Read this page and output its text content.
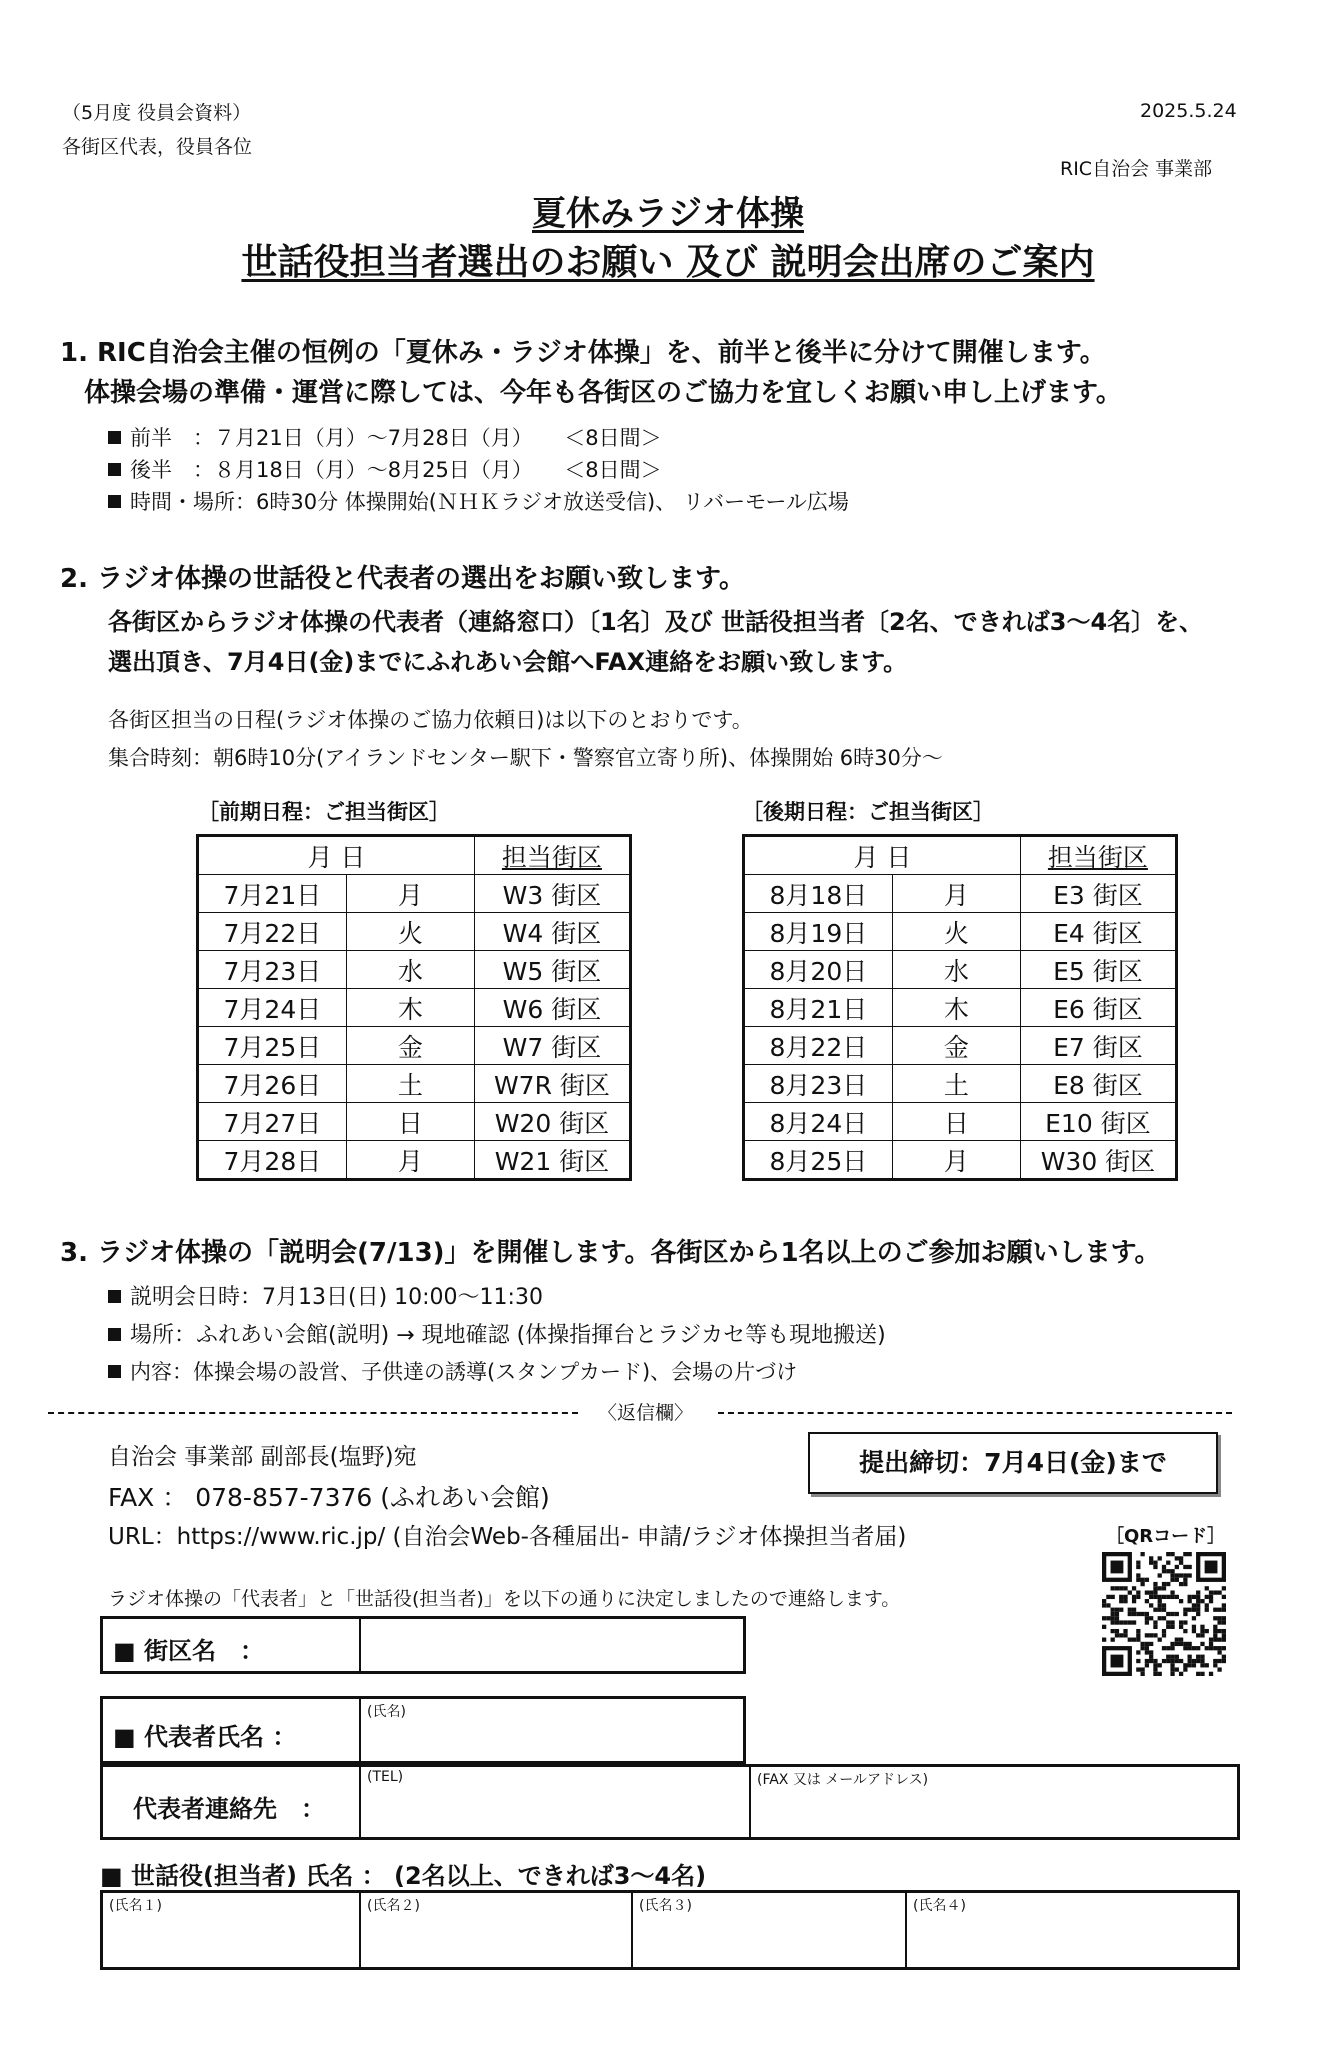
（5月度 役員会資料）
各街区代表，役員各位
2025.5.24
RIC自治会 事業部
夏休みラジオ体操
世話役担当者選出のお願い 及び 説明会出席のご案内
1. RIC自治会主催の恒例の「夏休み・ラジオ体操」を、前半と後半に分けて開催します。
体操会場の準備・運営に際しては、今年も各街区のご協力を宜しくお願い申し上げます。
前半　：７月21日（月）～7月28日（月）　　＜8日間＞
後半　：８月18日（月）～8月25日（月）　　＜8日間＞
時間・場所：6時30分 体操開始(ＮＨＫラジオ放送受信)、 リバーモール広場
2. ラジオ体操の世話役と代表者の選出をお願い致します。
各街区からラジオ体操の代表者（連絡窓口）〔1名〕及び 世話役担当者〔2名、できれば3～4名〕を、
選出頂き、7月4日(金)までにふれあい会館へFAX連絡をお願い致します。
各街区担当の日程(ラジオ体操のご協力依頼日)は以下のとおりです。
集合時刻：朝6時10分(アイランドセンター駅下・警察官立寄り所)、体操開始 6時30分～
［前期日程：ご担当街区］
月 日		担当街区
7月21日	月	W3 街区
7月22日	火	W4 街区
7月23日	水	W5 街区
7月24日	木	W6 街区
7月25日	金	W7 街区
7月26日	土	W7R 街区
7月27日	日	W20 街区
7月28日	月	W21 街区
［後期日程：ご担当街区］
月 日		担当街区
8月18日	月	E3 街区
8月19日	火	E4 街区
8月20日	水	E5 街区
8月21日	木	E6 街区
8月22日	金	E7 街区
8月23日	土	E8 街区
8月24日	日	E10 街区
8月25日	月	W30 街区
3. ラジオ体操の「説明会(7/13)」を開催します。各街区から1名以上のご参加お願いします。
説明会日時：7月13日(日) 10:00～11:30
場所：ふれあい会館(説明) → 現地確認 (体操指揮台とラジカセ等も現地搬送)
内容：体操会場の設営、子供達の誘導(スタンプカード)、会場の片づけ
〈返信欄〉
自治会 事業部 副部長(塩野)宛
FAX ： 078-857-7376 (ふれあい会館)
URL：https://www.ric.jp/ (自治会Web-各種届出- 申請/ラジオ体操担当者届)
提出締切：7月4日(金)まで
［QRコード］
ラジオ体操の「代表者」と「世話役(担当者)」を以下の通りに決定しましたので連絡します。
■ 街区名　：
■ 代表者氏名 ：
(氏名)
代表者連絡先　：
(TEL)	(FAX 又は メールアドレス)
■ 世話役(担当者) 氏名 ： (2名以上、できれば3～4名)
(氏名１)	(氏名２)	(氏名３)	(氏名４)
